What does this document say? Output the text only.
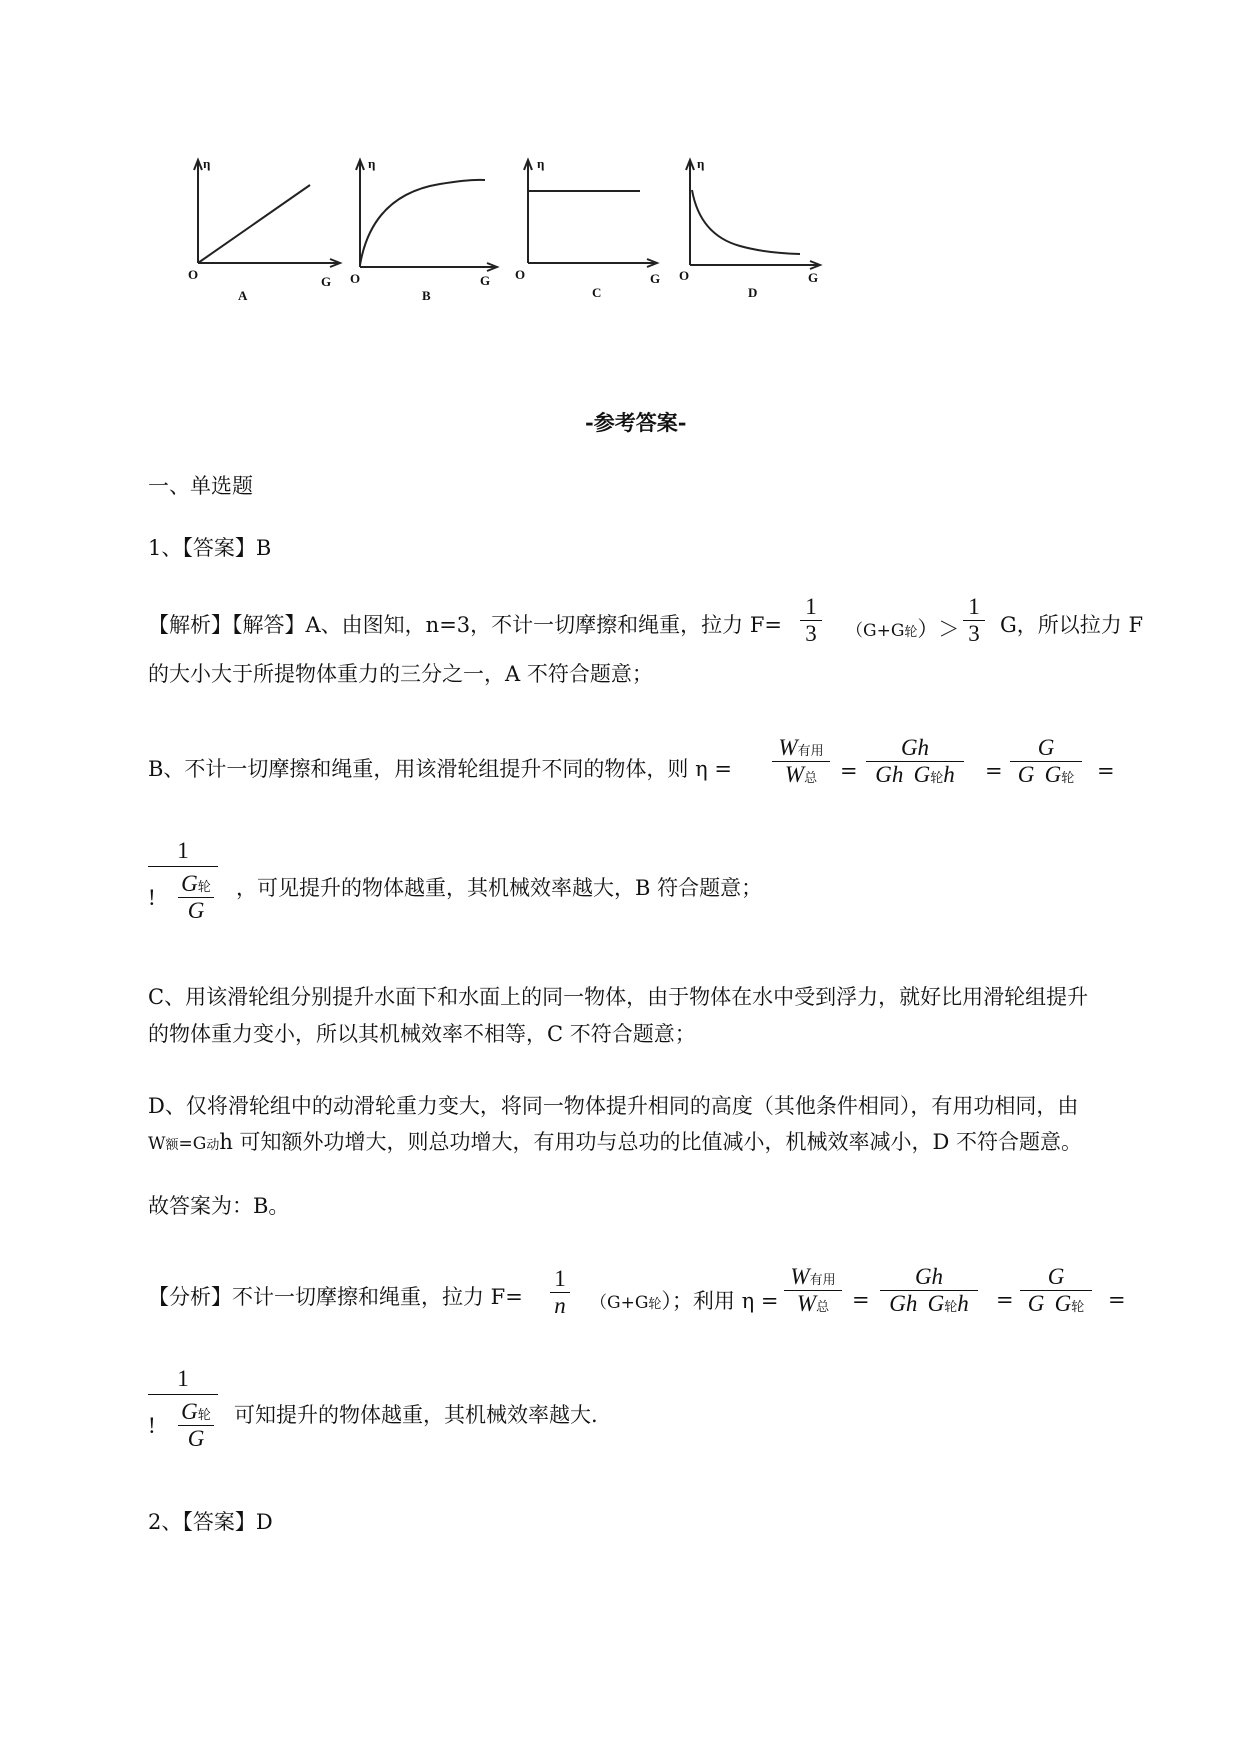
η
O	G
A
η
O	G
B
η
O	G
C
η
O	G
D
-参考答案-
一、单选题
1、【答案】B
【解析】【解答】A、由图知，n=3，不计一切摩擦和绳重，拉力 F=
1
3	（G+G轮）＞
1
3 G，所以拉力 F
的大小大于所提物体重力的三分之一，A 不符合题意；
B、不计一切摩擦和绳重，用该滑轮组提升不同的物体，则 η =
W有用
W总	=
Gh
Gh G轮h	=
G
G G轮	=
1
!
G轮
G
，可见提升的物体越重，其机械效率越大，B 符合题意；
C、用该滑轮组分别提升水面下和水面上的同一物体，由于物体在水中受到浮力，就好比用滑轮组提升
的物体重力变小，所以其机械效率不相等，C 不符合题意；
D、仅将滑轮组中的动滑轮重力变大，将同一物体提升相同的高度（其他条件相同），有用功相同，由
W额=G动h 可知额外功增大，则总功增大，有用功与总功的比值减小，机械效率减小，D 不符合题意。
故答案为：B。
【分析】不计一切摩擦和绳重，拉力 F=
1
n （G+G轮）；利用 η =
W有用
W总	=
Gh
Gh G轮h	=
G
G G轮	=
1
!
G轮
G
可知提升的物体越重，其机械效率越大.
2、【答案】D
